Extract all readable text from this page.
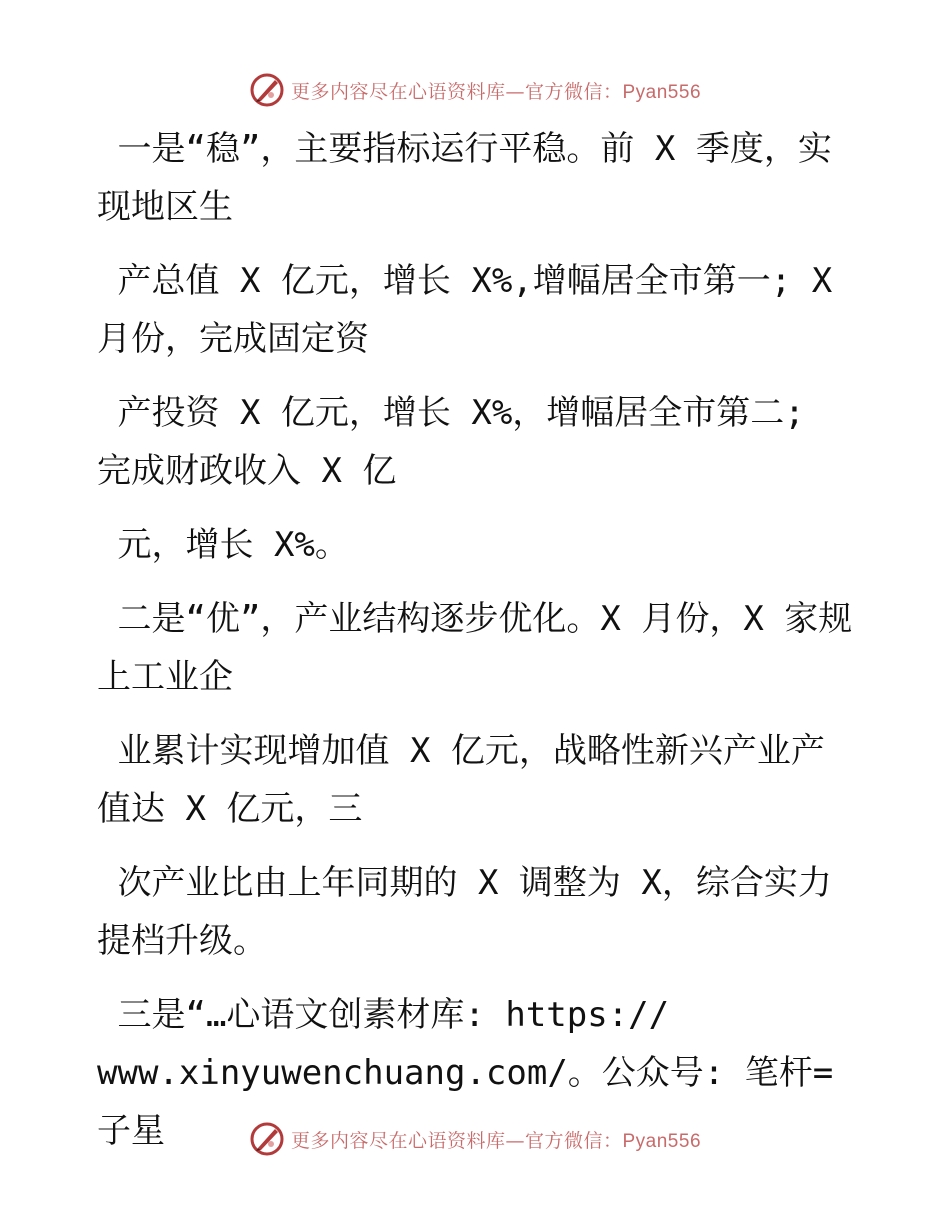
更多内容尽在心语资料库—官方微信：Pyan556

一是“稳”，主要指标运行平稳。前 X 季度，实现地区生

产总值 X 亿元，增长 X%,增幅居全市第一; X 月份，完成固定资

产投资 X 亿元，增长 X%，增幅居全市第二; 完成财政收入 X 亿

元，增长 X%。

二是“优”，产业结构逐步优化。X 月份，X 家规上工业企

业累计实现增加值 X 亿元，战略性新兴产业产值达 X 亿元，三

次产业比由上年同期的 X 调整为 X，综合实力提档升级。

三是“…心语文创素材库: https://
www.xinyuwenchuang.com/。公众号: 笔杆=子星	更多内容尽在心语资料库—官方微信：Pyan556
